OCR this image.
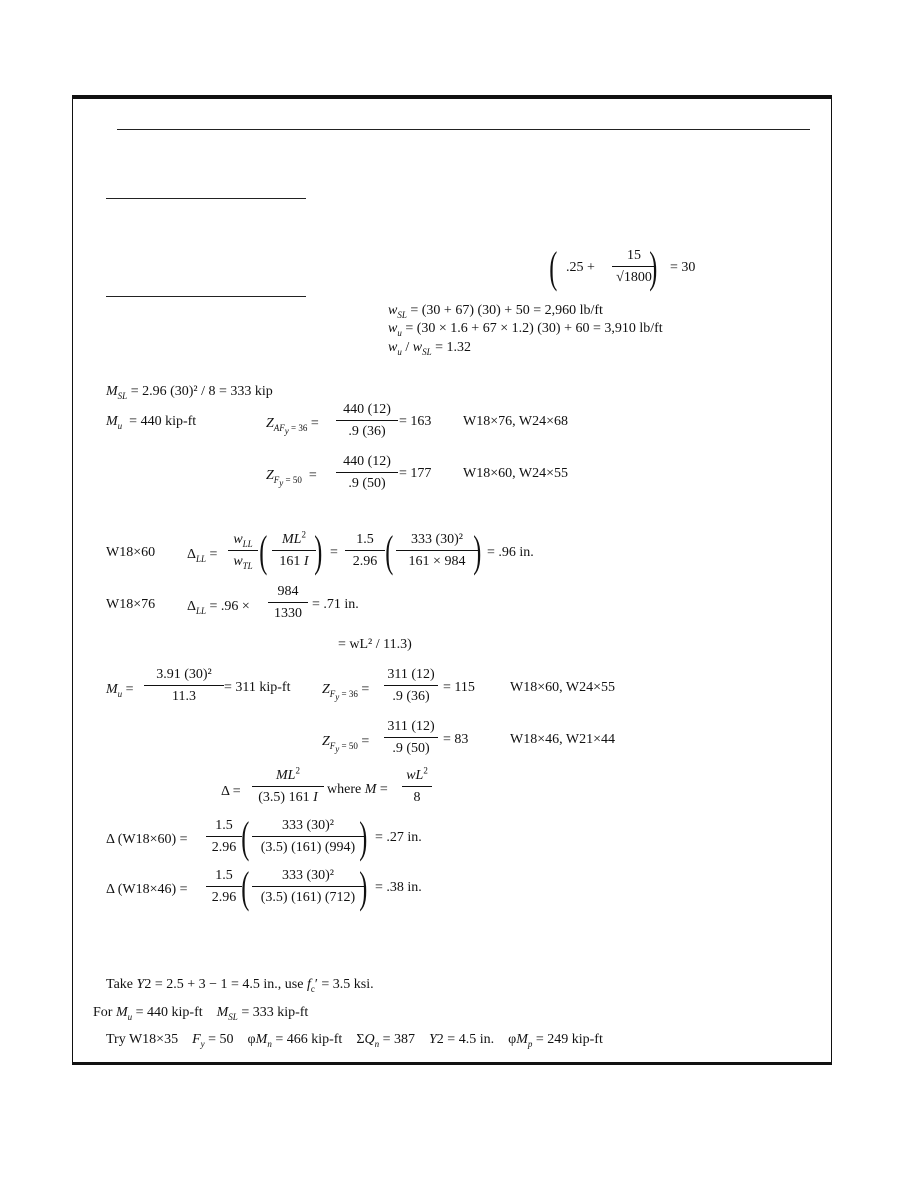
( $.25 + \frac{15}{√1800}$
) = 30
$w_{SL} = (30 + 67) (30) + 50 = 2,960$ lb/ft
$w_u = (30 \times 1.6 + 67 \times 1.2) (30) + 60 = 3,910$ lb/ft
$w_u / w_{SL} = 1.32$
$M_{SL} = 2.96$ (30)² / 8 = 333 kip
$M_u = 440$ kip-ft	$Z_{AF_y = 36} = \frac{440 (12)}{.9 (36)} = 163$ W18×76, W24×68
$Z_{F_y = 50} = \frac{440 (12)}{.9 (50)} = 177$ W18×60, W24×55
W18×60 $\Delta_{LL}$ =
$w_{LL}$
$w_{TL}$ ( $\frac{ML^2}{161 I}$
) = $\frac{1.5}{2.96}$ ( $\frac{\text{333 (30)²}}{161 \times 984}$
) = .96 in.
W18×76 $\Delta_{LL} = .96 \times \frac{984}{1330} = .71$ in.
= wL² / 11.3)
$M_u = \frac{\text{3.91 (30)²}}{11.3} = 311$ kip-ft $Z_{F_y = 36} = \frac{311 (12)}{.9 (36)} = 115$	W18×60, W24×55
$Z_{F_y = 50} = \frac{311 (12)}{.9 (50)} = 83$	W18×46, W21×44
$\Delta = \frac{ML^2}{(3.5) 161 I}$ where $M = \frac{wL^2}{8}$
Δ $(W18\times 60) = \frac{1.5}{2.96}$ ( $\frac{\text{333 (30)²}}{(3.5) (161) (994)}$
) = .27 in.
Δ $(W18\times 46) = \frac{1.5}{2.96}$ ( $\frac{\text{333 (30)²}}{(3.5) (161) (712)}$
) = .38 in.
Take Y2 = 2.5 + 3 − 1 = 4.5 in., use $f_c' = 3.5$ ksi.
For $M_u = 440$ kip-ft $M_{SL} = 333$ kip-ft
Try W18×35 $F_y = 50$    $\varphi M_n = 466$ kip-ft    $\Sigma Q_n = 387$ Y2 = 4.5 in.    $\varphi M_p = 249$ kip-ft
